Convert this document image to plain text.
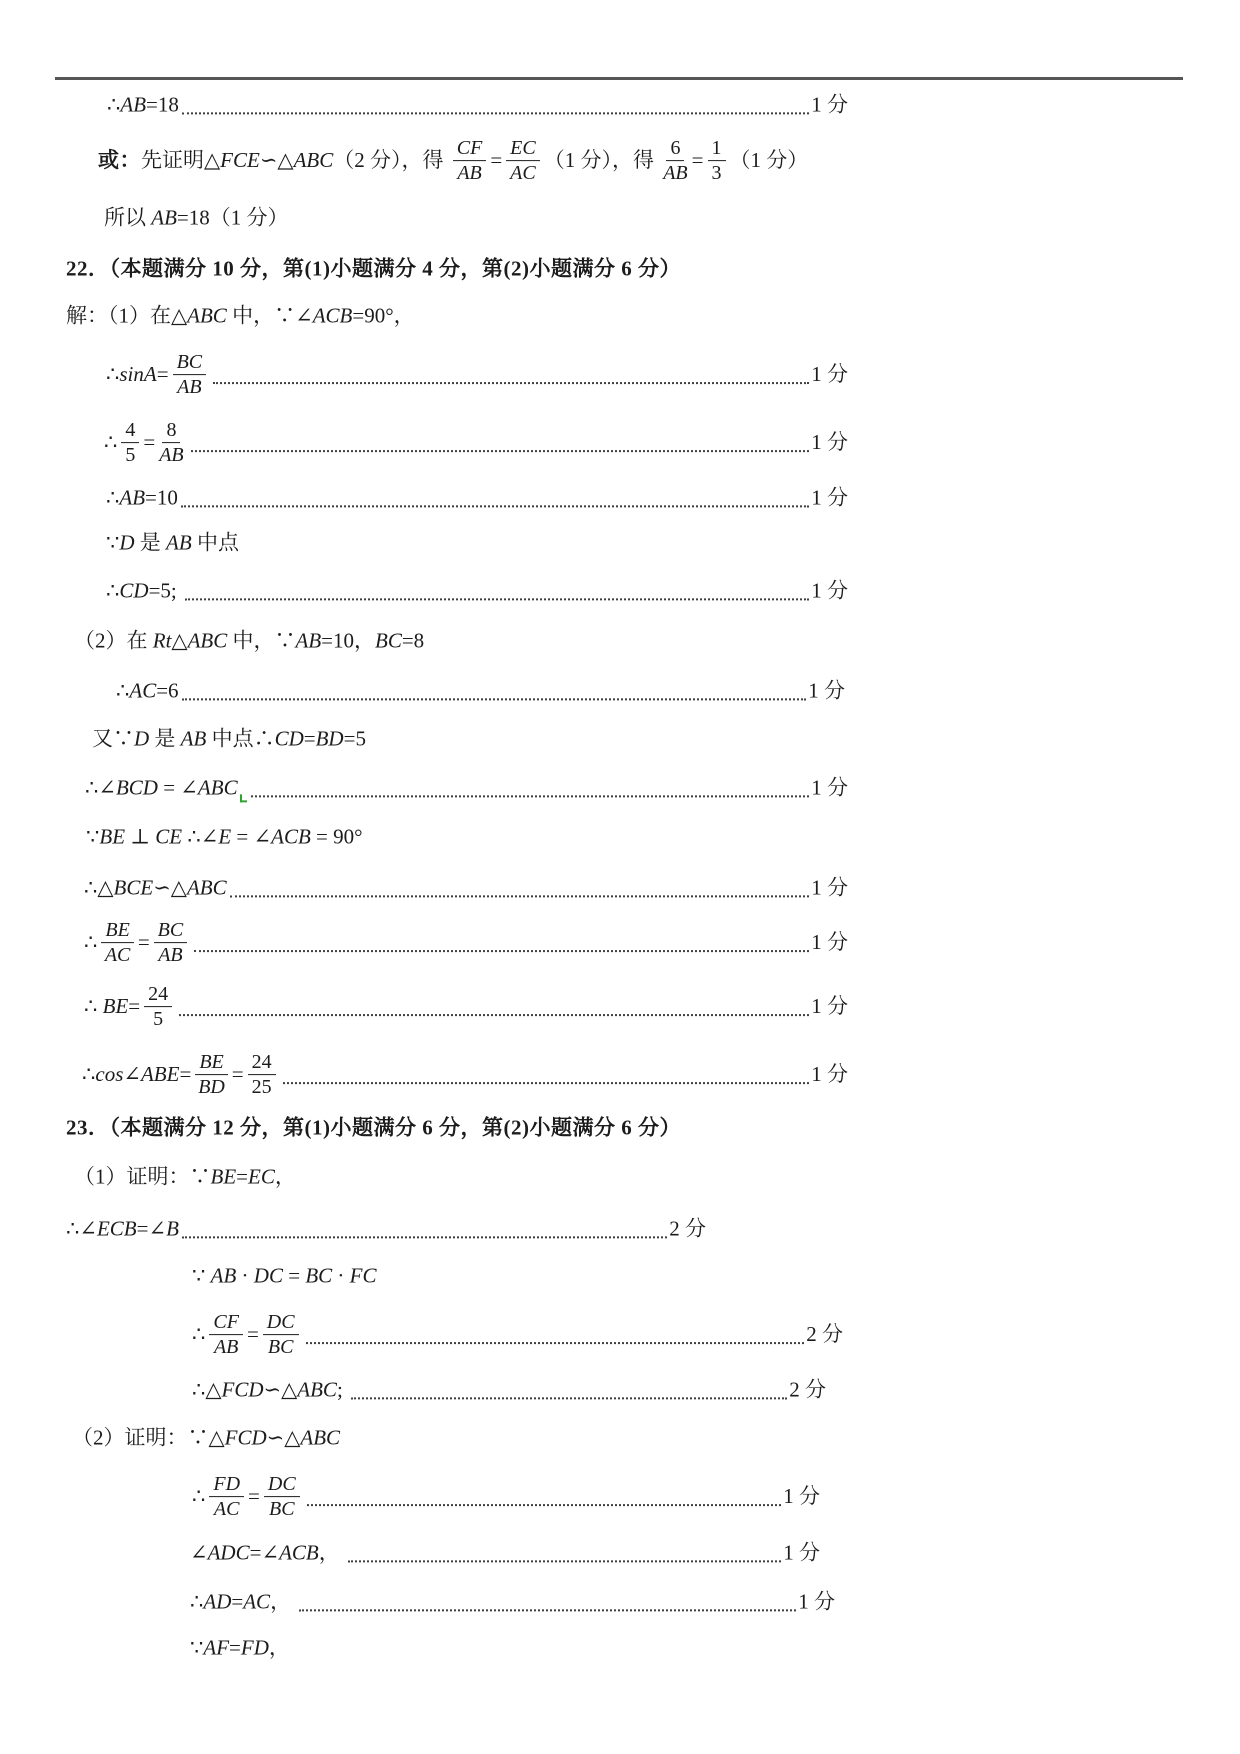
∴ AB =18	1 分
或： 先证明△ FCE ∽△ ABC （2 分），得 $\frac{CF}{AB} = \frac{EC}{AC} (1$ 分），得 $\frac{6}{AB} = \frac{1}{3} (1$ 分）
所以 AB =18（1 分）
22．（本题满分 10 分，第(1)小题满分 4 分，第(2)小题满分 6 分）
解：（1）在△ ABC 中，∵∠ ACB =90°，
∴ $\sin A = \frac{BC}{AB}$	1 分
∴ $\frac{4}{5} = \frac{8}{AB}$	1 分
∴ AB =10	1 分
∵ D 是 AB 中点
∴ CD =5;	1 分
（2）在 Rt △ ABC 中，∵ AB =10， BC =8
∴ AC =6	1 分
又∵ D 是 AB 中点∴ CD = BD =5
∴∠ BCD = ∠ ABC	1 分
∵ BE ⊥ CE ∴∠ E = ∠ ACB = 90°
∴△ BCE ∽△ ABC	1 分
∴ $\frac{BE}{AC} = \frac{BC}{AB}$	1 分
∴ BE = $\frac{24}{5}$	1 分
∴ cos ∠ ABE = $\frac{BE}{BD} = \frac{24}{25}$	1 分
23．（本题满分 12 分，第(1)小题满分 6 分，第(2)小题满分 6 分）
（1）证明：∵ BE = EC ，
∴∠ ECB =∠ B	2 分
∵ AB · DC = BC · FC
∴ $\frac{CF}{AB} = \frac{DC}{BC}$	2 分
∴△ FCD ∽△ ABC ;	2 分
（2）证明：∵△ FCD ∽△ ABC
∴ $\frac{FD}{AC} = \frac{DC}{BC}$	1 分
∠ ADC =∠ ACB ，	1 分
∴ AD = AC ，	1 分
∵ AF = FD ，
